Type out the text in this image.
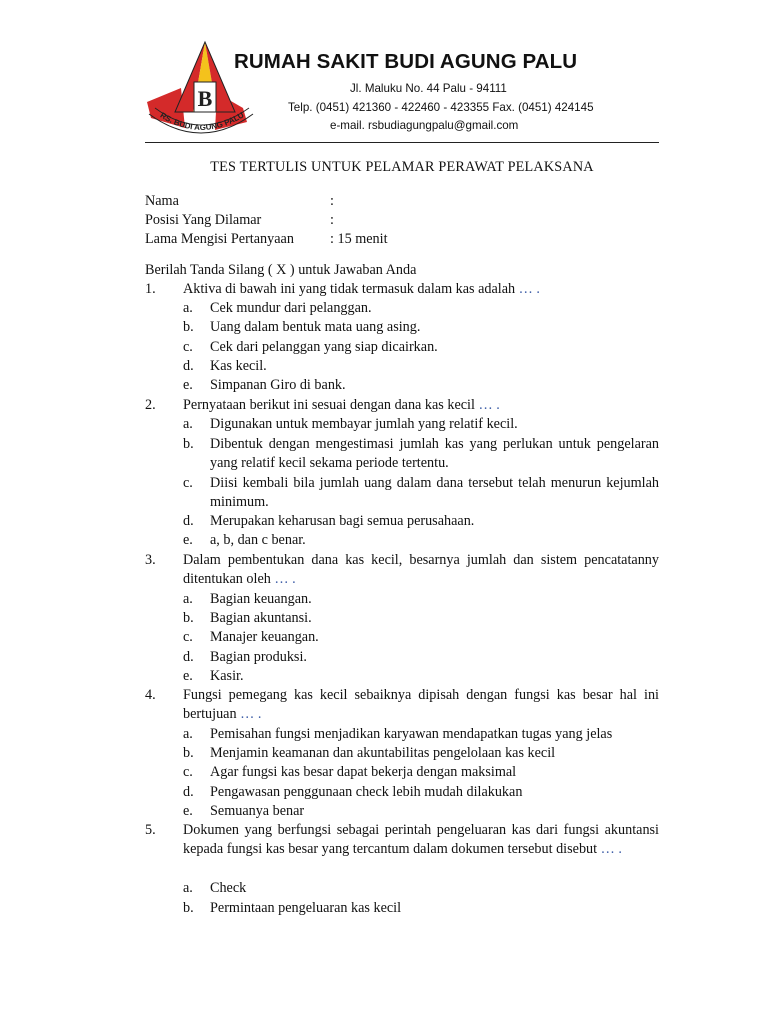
B
RS. BUDI AGUNG PALU
RUMAH SAKIT BUDI AGUNG PALU
Jl. Maluku No. 44 Palu - 94111
Telp. (0451) 421360 - 422460 - 423355 Fax. (0451) 424145
e-mail. rsbudiagungpalu@gmail.com
TES TERTULIS UNTUK PELAMAR PERAWAT PELAKSANA
Nama	:
Posisi Yang Dilamar	:
Lama Mengisi Pertanyaan	: 15 menit
Berilah Tanda Silang ( X ) untuk Jawaban Anda
1. Aktiva di bawah ini yang tidak termasuk dalam kas adalah … .
a. Cek mundur dari pelanggan.
b. Uang dalam bentuk mata uang asing.
c. Cek dari pelanggan yang siap dicairkan.
d. Kas kecil.
e. Simpanan Giro di bank.
2. Pernyataan berikut ini sesuai dengan dana kas kecil … .
a. Digunakan untuk membayar jumlah yang relatif kecil.
b. Dibentuk dengan mengestimasi jumlah kas yang perlukan untuk pengelaran yang relatif kecil sekama periode tertentu.
c. Diisi kembali bila jumlah uang dalam dana tersebut telah menurun kejumlah minimum.
d. Merupakan keharusan bagi semua perusahaan.
e. a, b, dan c benar.
3. Dalam pembentukan dana kas kecil, besarnya jumlah dan sistem pencatatanny ditentukan oleh … .
a. Bagian keuangan.
b. Bagian akuntansi.
c. Manajer keuangan.
d. Bagian produksi.
e. Kasir.
4. Fungsi pemegang kas kecil sebaiknya dipisah dengan fungsi kas besar hal ini bertujuan … .
a. Pemisahan fungsi menjadikan karyawan mendapatkan tugas yang jelas
b. Menjamin keamanan dan akuntabilitas pengelolaan kas kecil
c. Agar fungsi kas besar dapat bekerja dengan maksimal
d. Pengawasan penggunaan check lebih mudah dilakukan
e. Semuanya benar
5. Dokumen yang berfungsi sebagai perintah pengeluaran kas dari fungsi akuntansi kepada fungsi kas besar yang tercantum dalam dokumen tersebut disebut … .
a. Check
b. Permintaan pengeluaran kas kecil
